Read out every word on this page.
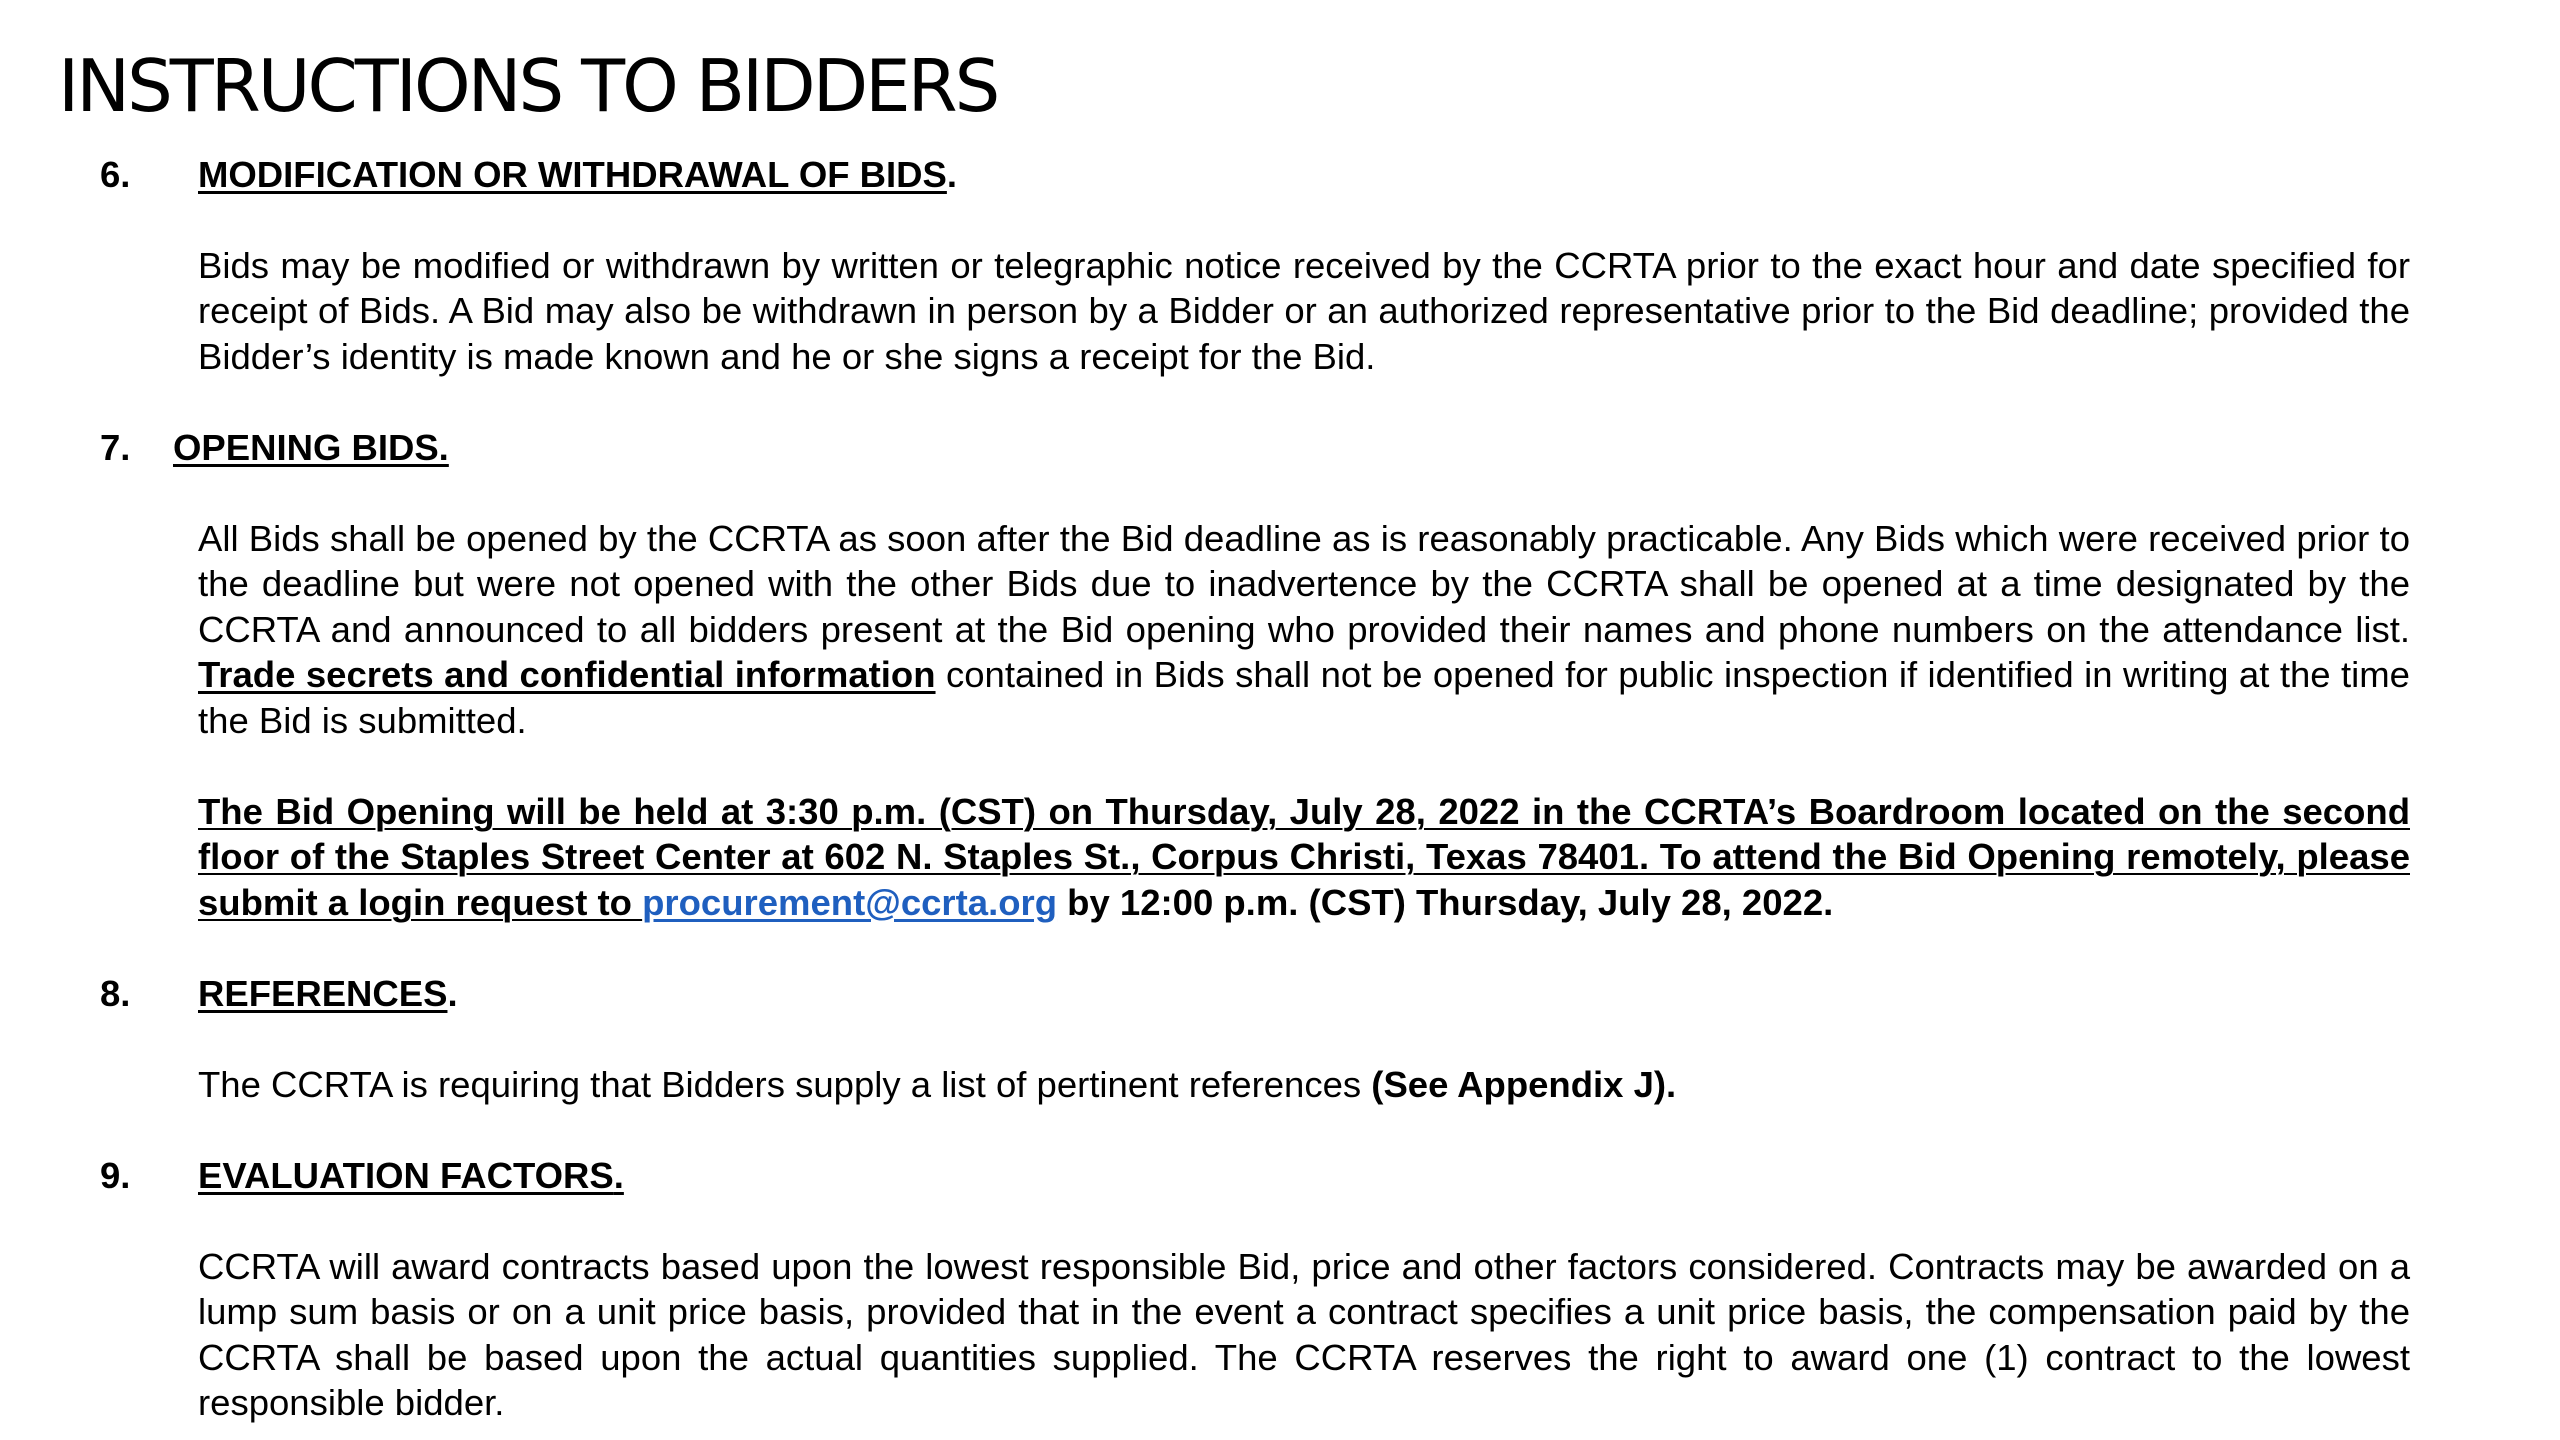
INSTRUCTIONS TO BIDDERS
6. MODIFICATION OR WITHDRAWAL OF BIDS.

Bids may be modified or withdrawn by written or telegraphic notice received by the CCRTA prior to the exact hour and date specified for receipt of Bids. A Bid may also be withdrawn in person by a Bidder or an authorized representative prior to the Bid deadline; provided the Bidder’s identity is made known and he or she signs a receipt for the Bid.

7. OPENING BIDS.

All Bids shall be opened by the CCRTA as soon after the Bid deadline as is reasonably practicable. Any Bids which were received prior to the deadline but were not opened with the other Bids due to inadvertence by the CCRTA shall be opened at a time designated by the CCRTA and announced to all bidders present at the Bid opening who provided their names and phone numbers on the attendance list. Trade secrets and confidential information contained in Bids shall not be opened for public inspection if identified in writing at the time the Bid is submitted.

The Bid Opening will be held at 3:30 p.m. (CST) on Thursday, July 28, 2022 in the CCRTA’s Boardroom located on the second floor of the Staples Street Center at 602 N. Staples St., Corpus Christi, Texas 78401. To attend the Bid Opening remotely, please submit a login request to procurement@ccrta.org by 12:00 p.m. (CST) Thursday, July 28, 2022.

8. REFERENCES.

The CCRTA is requiring that Bidders supply a list of pertinent references (See Appendix J).

9. EVALUATION FACTORS.

CCRTA will award contracts based upon the lowest responsible Bid, price and other factors considered. Contracts may be awarded on a lump sum basis or on a unit price basis, provided that in the event a contract specifies a unit price basis, the compensation paid by the CCRTA shall be based upon the actual quantities supplied. The CCRTA reserves the right to award one (1) contract to the lowest responsible bidder.
